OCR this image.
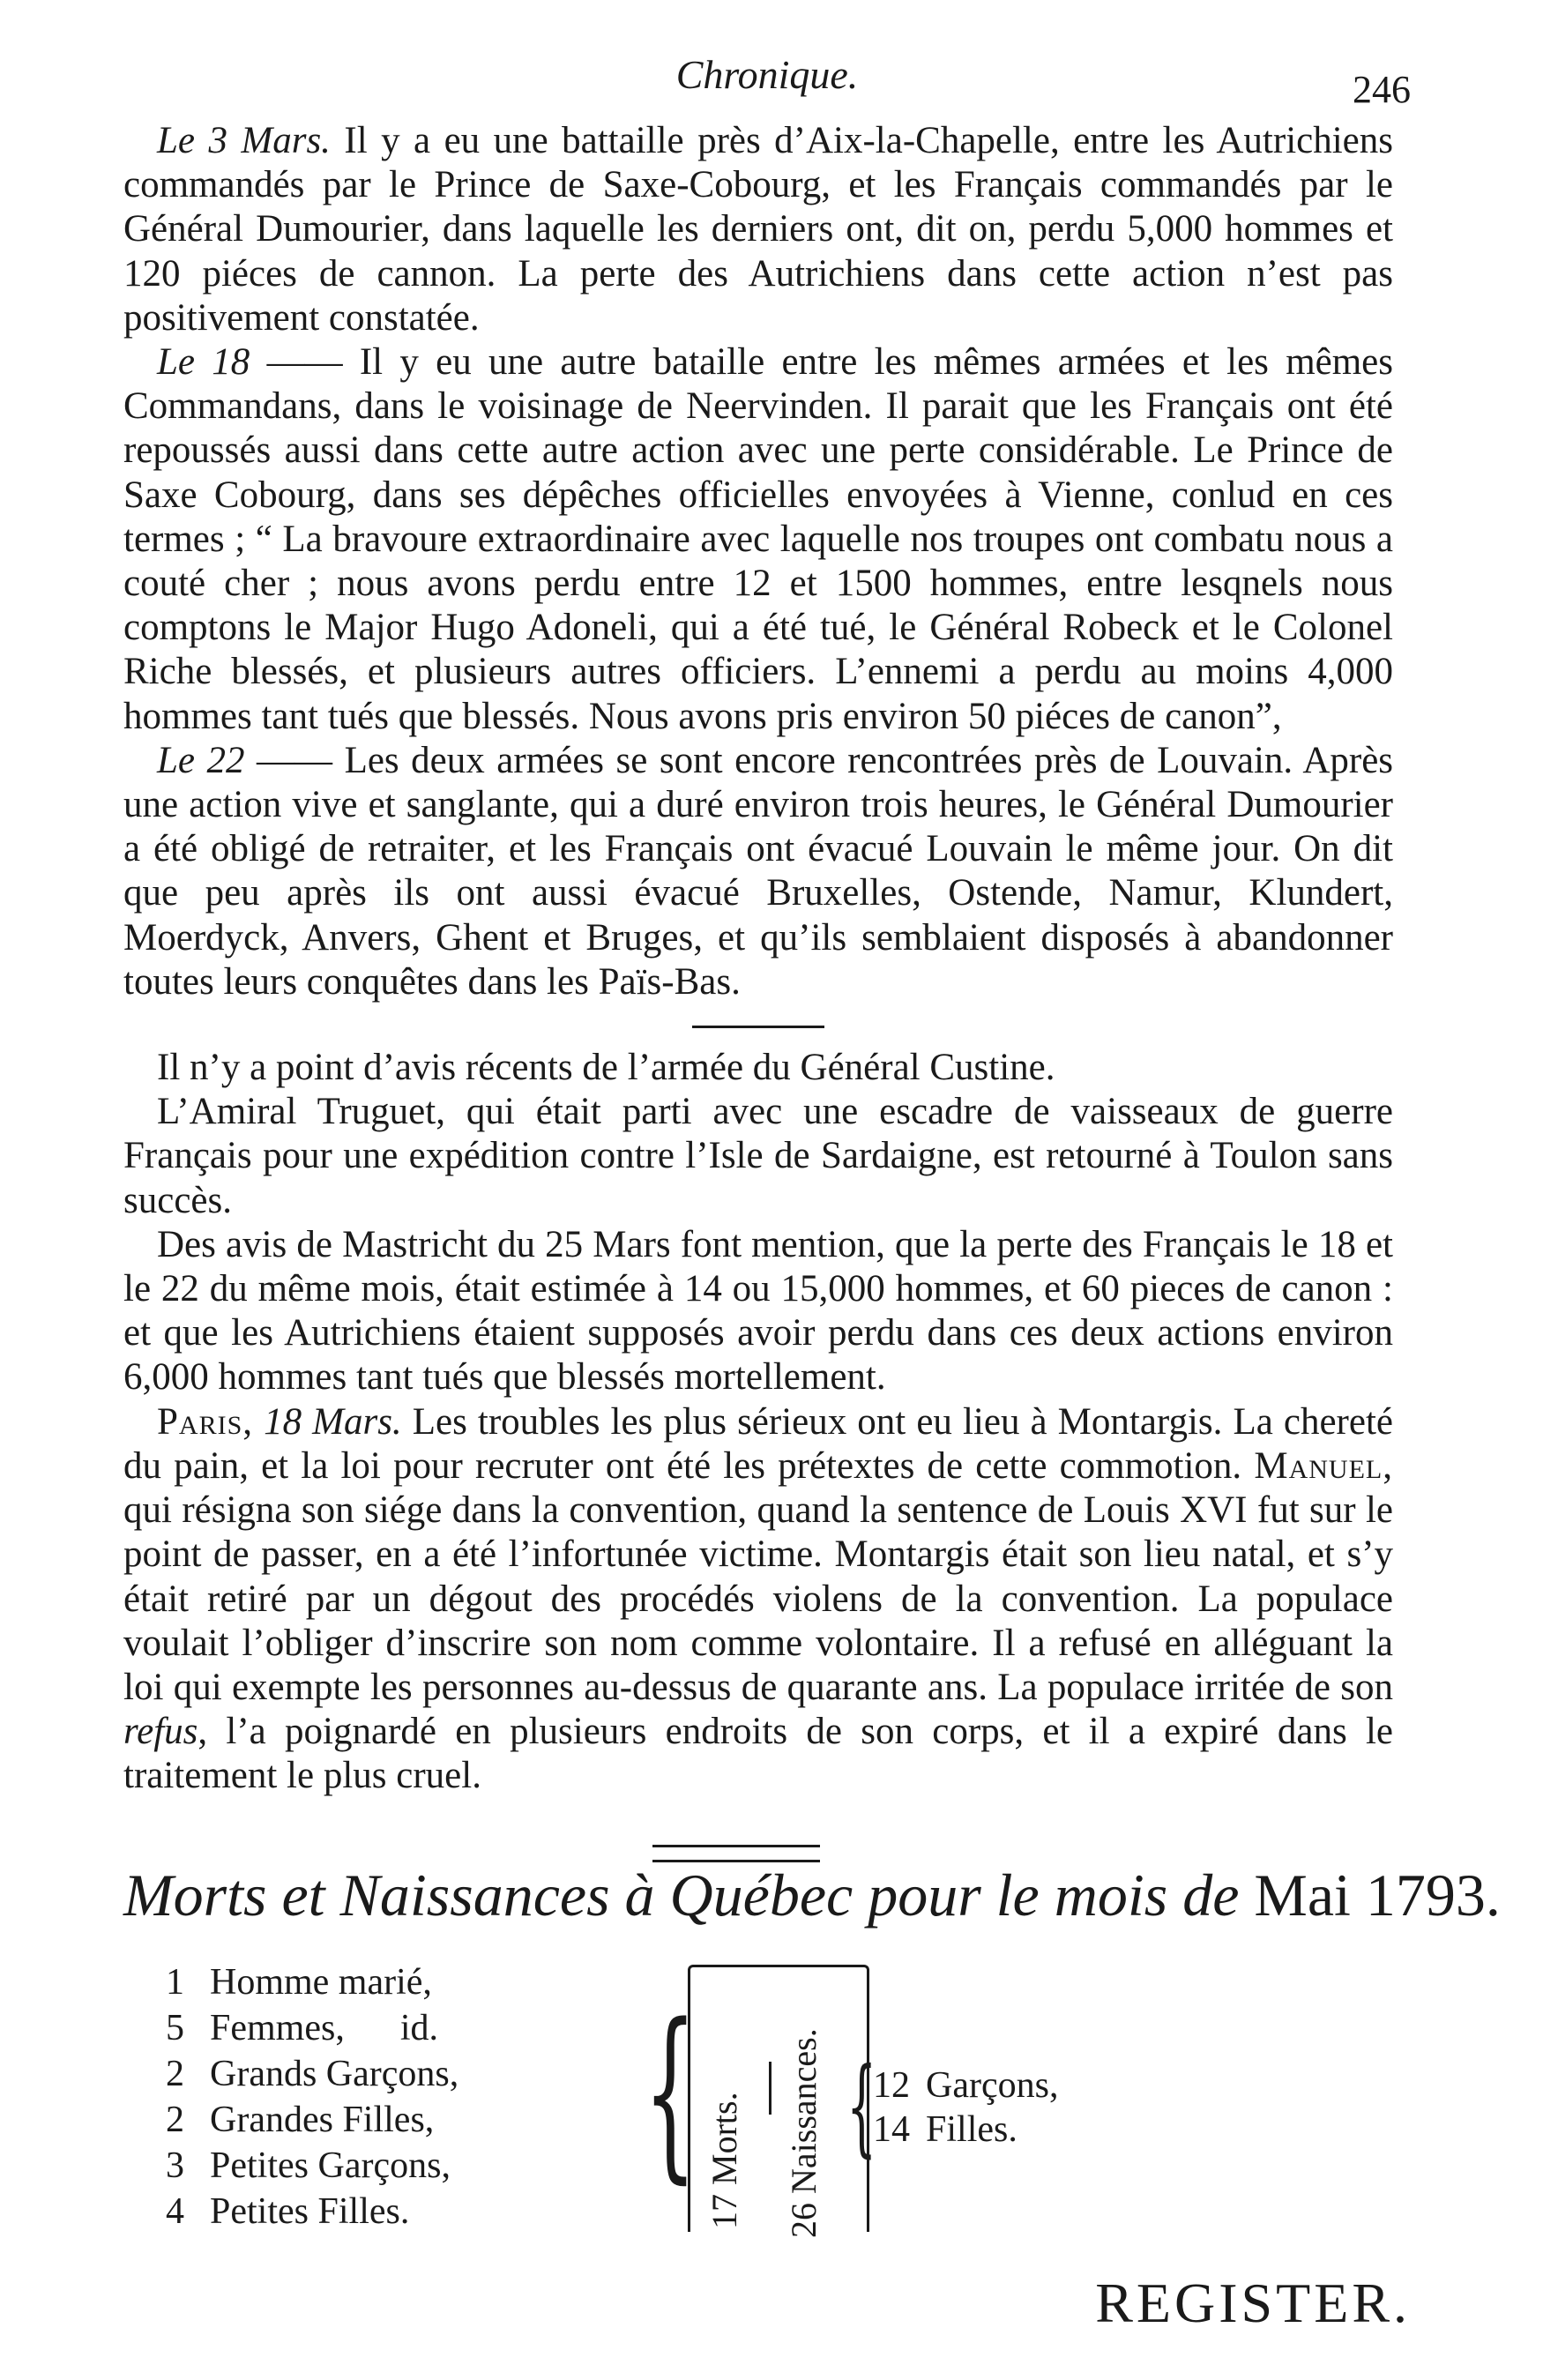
Chronique.	246

Le 3 Mars. Il y a eu une battaille près d’Aix-la-Chapelle, entre les Autrichiens commandés par le Prince de Saxe-Cobourg, et les Français commandés par le Général Dumourier, dans laquelle les derniers ont, dit on, perdu 5,000 hommes et 120 piéces de cannon. La perte des Autrichiens dans cette action n’est pas positivement constatée.

Le 18 —— Il y eu une autre bataille entre les mêmes armées et les mêmes Commandans, dans le voisinage de Neervinden. Il parait que les Français ont été repoussés aussi dans cette autre action avec une perte considérable. Le Prince de Saxe Cobourg, dans ses dépêches officielles envoyées à Vienne, conlud en ces termes ; “ La bravoure extraordinaire avec laquelle nos troupes ont combatu nous a couté cher ; nous avons perdu entre 12 et 1500 hommes, entre lesqnels nous comptons le Major Hugo Adoneli, qui a été tué, le Général Robeck et le Colonel Riche blessés, et plusieurs autres officiers. L’ennemi a perdu au moins 4,000 hommes tant tués que blessés. Nous avons pris environ 50 piéces de canon”,

Le 22 —— Les deux armées se sont encore rencontrées près de Louvain. Après une action vive et sanglante, qui a duré environ trois heures, le Général Dumourier a été obligé de retraiter, et les Français ont évacué Louvain le même jour. On dit que peu après ils ont aussi évacué Bruxelles, Ostende, Namur, Klundert, Moerdyck, Anvers, Ghent et Bruges, et qu’ils semblaient disposés à abandonner toutes leurs conquêtes dans les Païs-Bas.

Il n’y a point d’avis récents de l’armée du Général Custine.

L’Amiral Truguet, qui était parti avec une escadre de vaisseaux de guerre Français pour une expédition contre l’Isle de Sardaigne, est retourné à Toulon sans succès.

Des avis de Mastricht du 25 Mars font mention, que la perte des Français le 18 et le 22 du même mois, était estimée à 14 ou 15,000 hommes, et 60 pieces de canon : et que les Autrichiens étaient supposés avoir perdu dans ces deux actions environ 6,000 hommes tant tués que blessés mortellement.

Paris, 18 Mars. Les troubles les plus sérieux ont eu lieu à Montargis. La chereté du pain, et la loi pour recruter ont été les prétextes de cette commotion. Manuel, qui résigna son siége dans la convention, quand la sentence de Louis XVI fut sur le point de passer, en a été l’infortunée victime. Montargis était son lieu natal, et s’y était retiré par un dégout des procédés violens de la convention. La populace voulait l’obliger d’inscrire son nom comme volontaire. Il a refusé en alléguant la loi qui exempte les personnes au-dessus de quarante ans. La populace irritée de son refus, l’a poignardé en plusieurs endroits de son corps, et il a expiré dans le traitement le plus cruel.

Morts et Naissances à Québec pour le mois de Mai 1793.
1 Homme marié,
5 Femmes,      id.
2 Grands Garçons,
2 Grandes Filles,
3 Petites Garçons,
4 Petites Filles.
{ 17 Morts. 26 Naissances. {
12 Garçons,
14 Filles.
REGISTER.
